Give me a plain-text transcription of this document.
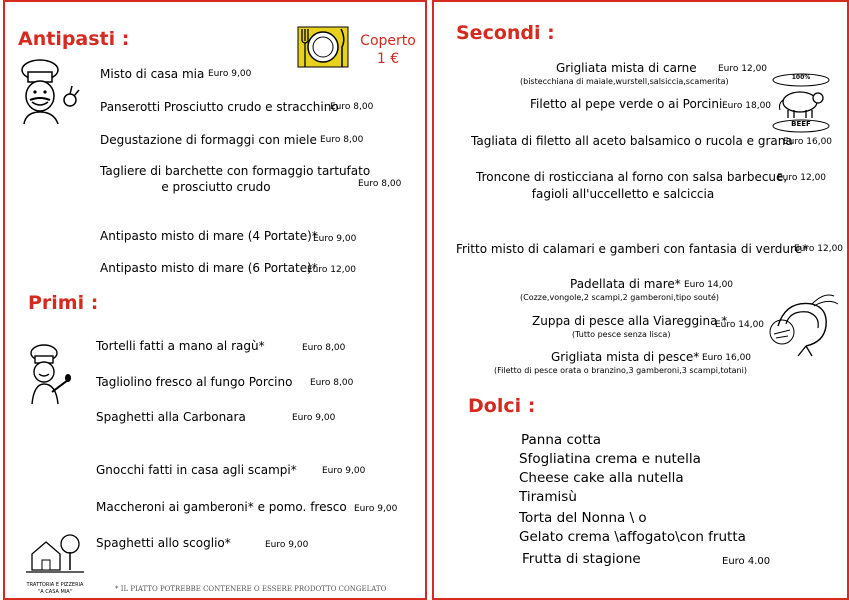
Antipasti :	Coperto
1 €
Misto di casa mia Euro 9,00
Panserotti Prosciutto crudo e stracchino
Euro 8,00
Degustazione di formaggi con miele Euro 8,00
Tagliere di barchette con formaggio tartufato
e prosciutto crudo	Euro 8,00
Antipasto misto di mare (4 Portate)*
Euro 9,00
Antipasto misto di mare (6 Portate)*
Euro 12,00
Primi :
Tortelli fatti a mano al ragù*	Euro 8,00
Tagliolino fresco al fungo Porcino Euro 8,00
Spaghetti alla Carbonara	Euro 9,00
Gnocchi fatti in casa agli scampi*	Euro 9,00
Maccheroni ai gamberoni* e pomo. fresco Euro 9,00
Spaghetti allo scoglio*	Euro 9,00
TRATTORIA E PIZZERIA "A CASA MIA"	* IL PIATTO POTREBBE CONTENERE O ESSERE PRODOTTO CONGELATO
Secondi :
Grigliata mista di carne Euro 12,00
(bistecchiana di maiale,wurstell,salsiccia,scamerita)
Filetto al pepe verde o ai Porcini Euro 18,00
100%
BEEF
Tagliata di filetto all aceto balsamico o rucola e grana
Euro 16,00
Troncone di rosticciana al forno con salsa barbecue,
fagioli all'uccelletto e salciccia
Euro 12,00
Fritto misto di calamari e gamberi con fantasia di verdure*
Euro 12,00
Padellata di mare* Euro 14,00
(Cozze,vongole,2 scampi,2 gamberoni,tipo souté)
Zuppa di pesce alla Viareggina *
Euro 14,00
(Tutto pesce senza lisca)
Grigliata mista di pesce* Euro 16,00
(Filetto di pesce orata o branzino,3 gamberoni,3 scampi,totani)
Dolci :
Panna cotta
Sfogliatina crema e nutella
Cheese cake alla nutella
Tiramisù
Torta del Nonna \ o
Gelato crema \affogato\con frutta
Frutta di stagione	Euro 4.00
